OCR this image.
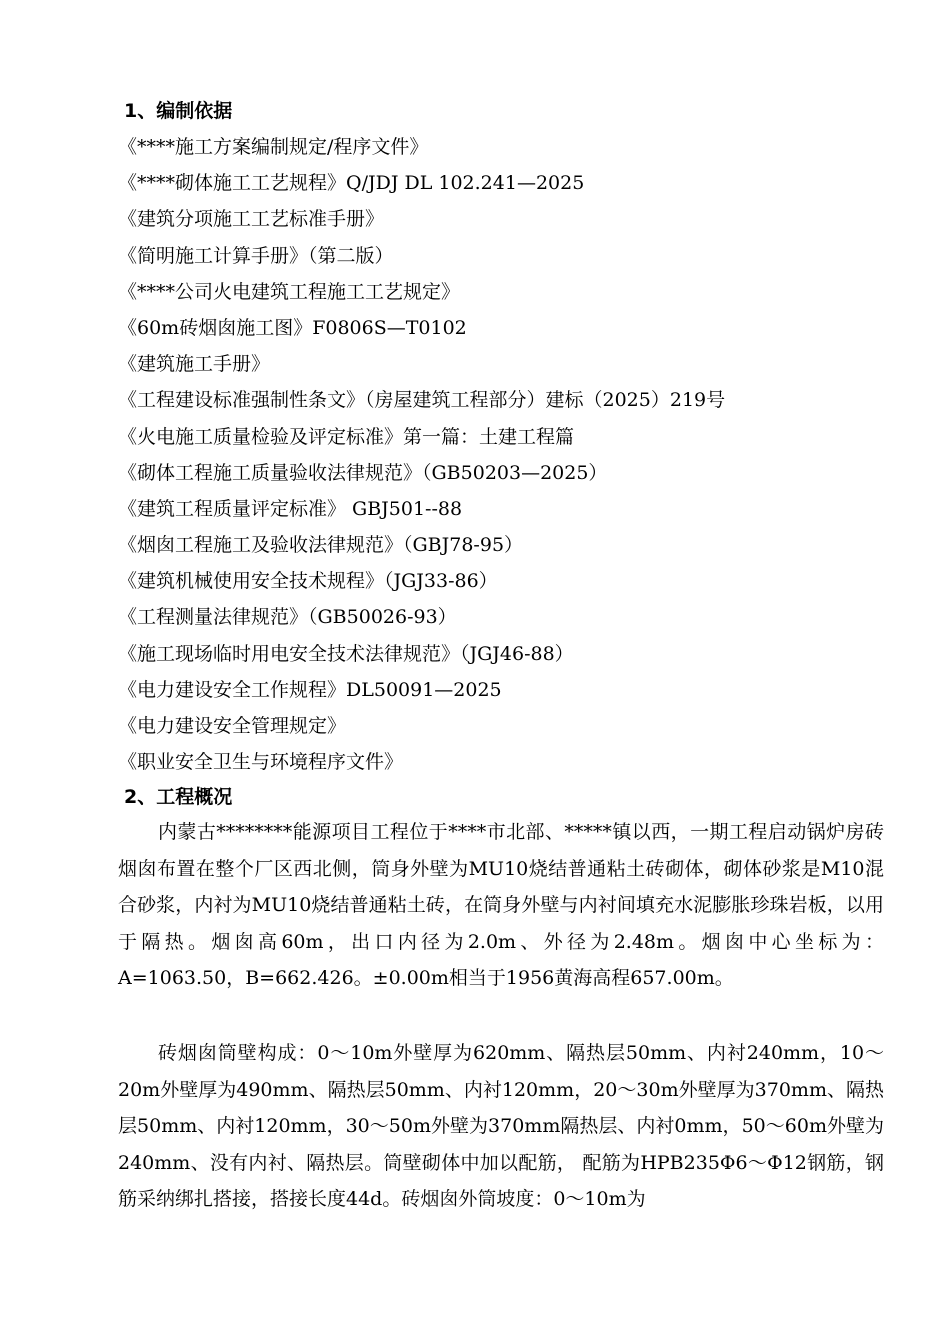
1、编制依据
《****施工方案编制规定/程序文件》
《****砌体施工工艺规程》Q/JDJ DL 102.241—2025
《建筑分项施工工艺标准手册》
《简明施工计算手册》（第二版）
《****公司火电建筑工程施工工艺规定》
《60m砖烟囱施工图》F0806S—T0102
《建筑施工手册》
《工程建设标准强制性条文》（房屋建筑工程部分）建标（2025）219号
《火电施工质量检验及评定标准》第一篇：土建工程篇
《砌体工程施工质量验收法律规范》（GB50203—2025）
《建筑工程质量评定标准》 GBJ501--88
《烟囱工程施工及验收法律规范》（GBJ78-95）
《建筑机械使用安全技术规程》（JGJ33-86）
《工程测量法律规范》（GB50026-93）
《施工现场临时用电安全技术法律规范》（JGJ46-88）
《电力建设安全工作规程》DL50091—2025
《电力建设安全管理规定》
《职业安全卫生与环境程序文件》
2、工程概况

内蒙古********能源项目工程位于****市北部、*****镇以西，一期工程启动锅炉房砖烟囱布置在整个厂区西北侧，筒身外壁为MU10烧结普通粘土砖砌体，砌体砂浆是M10混合砂浆，内衬为MU10烧结普通粘土砖，在筒身外壁与内衬间填充水泥膨胀珍珠岩板，以用于隔热。烟囱高60m，出口内径为2.0m、外径为2.48m。烟囱中心坐标为：A=1063.50，B=662.426。±0.00m相当于1956黄海高程657.00m。

砖烟囱筒壁构成：0～10m外壁厚为620mm、隔热层50mm、内衬240mm，10～20m外壁厚为490mm、隔热层50mm、内衬120mm，20～30m外壁厚为370mm、隔热层50mm、内衬120mm，30～50m外壁为370mm隔热层、内衬0mm，50～60m外壁为240mm、没有内衬、隔热层。筒壁砌体中加以配筋， 配筋为HPB235Φ6～Φ12钢筋，钢筋采纳绑扎搭接，搭接长度44d。砖烟囱外筒坡度：0～10m为
